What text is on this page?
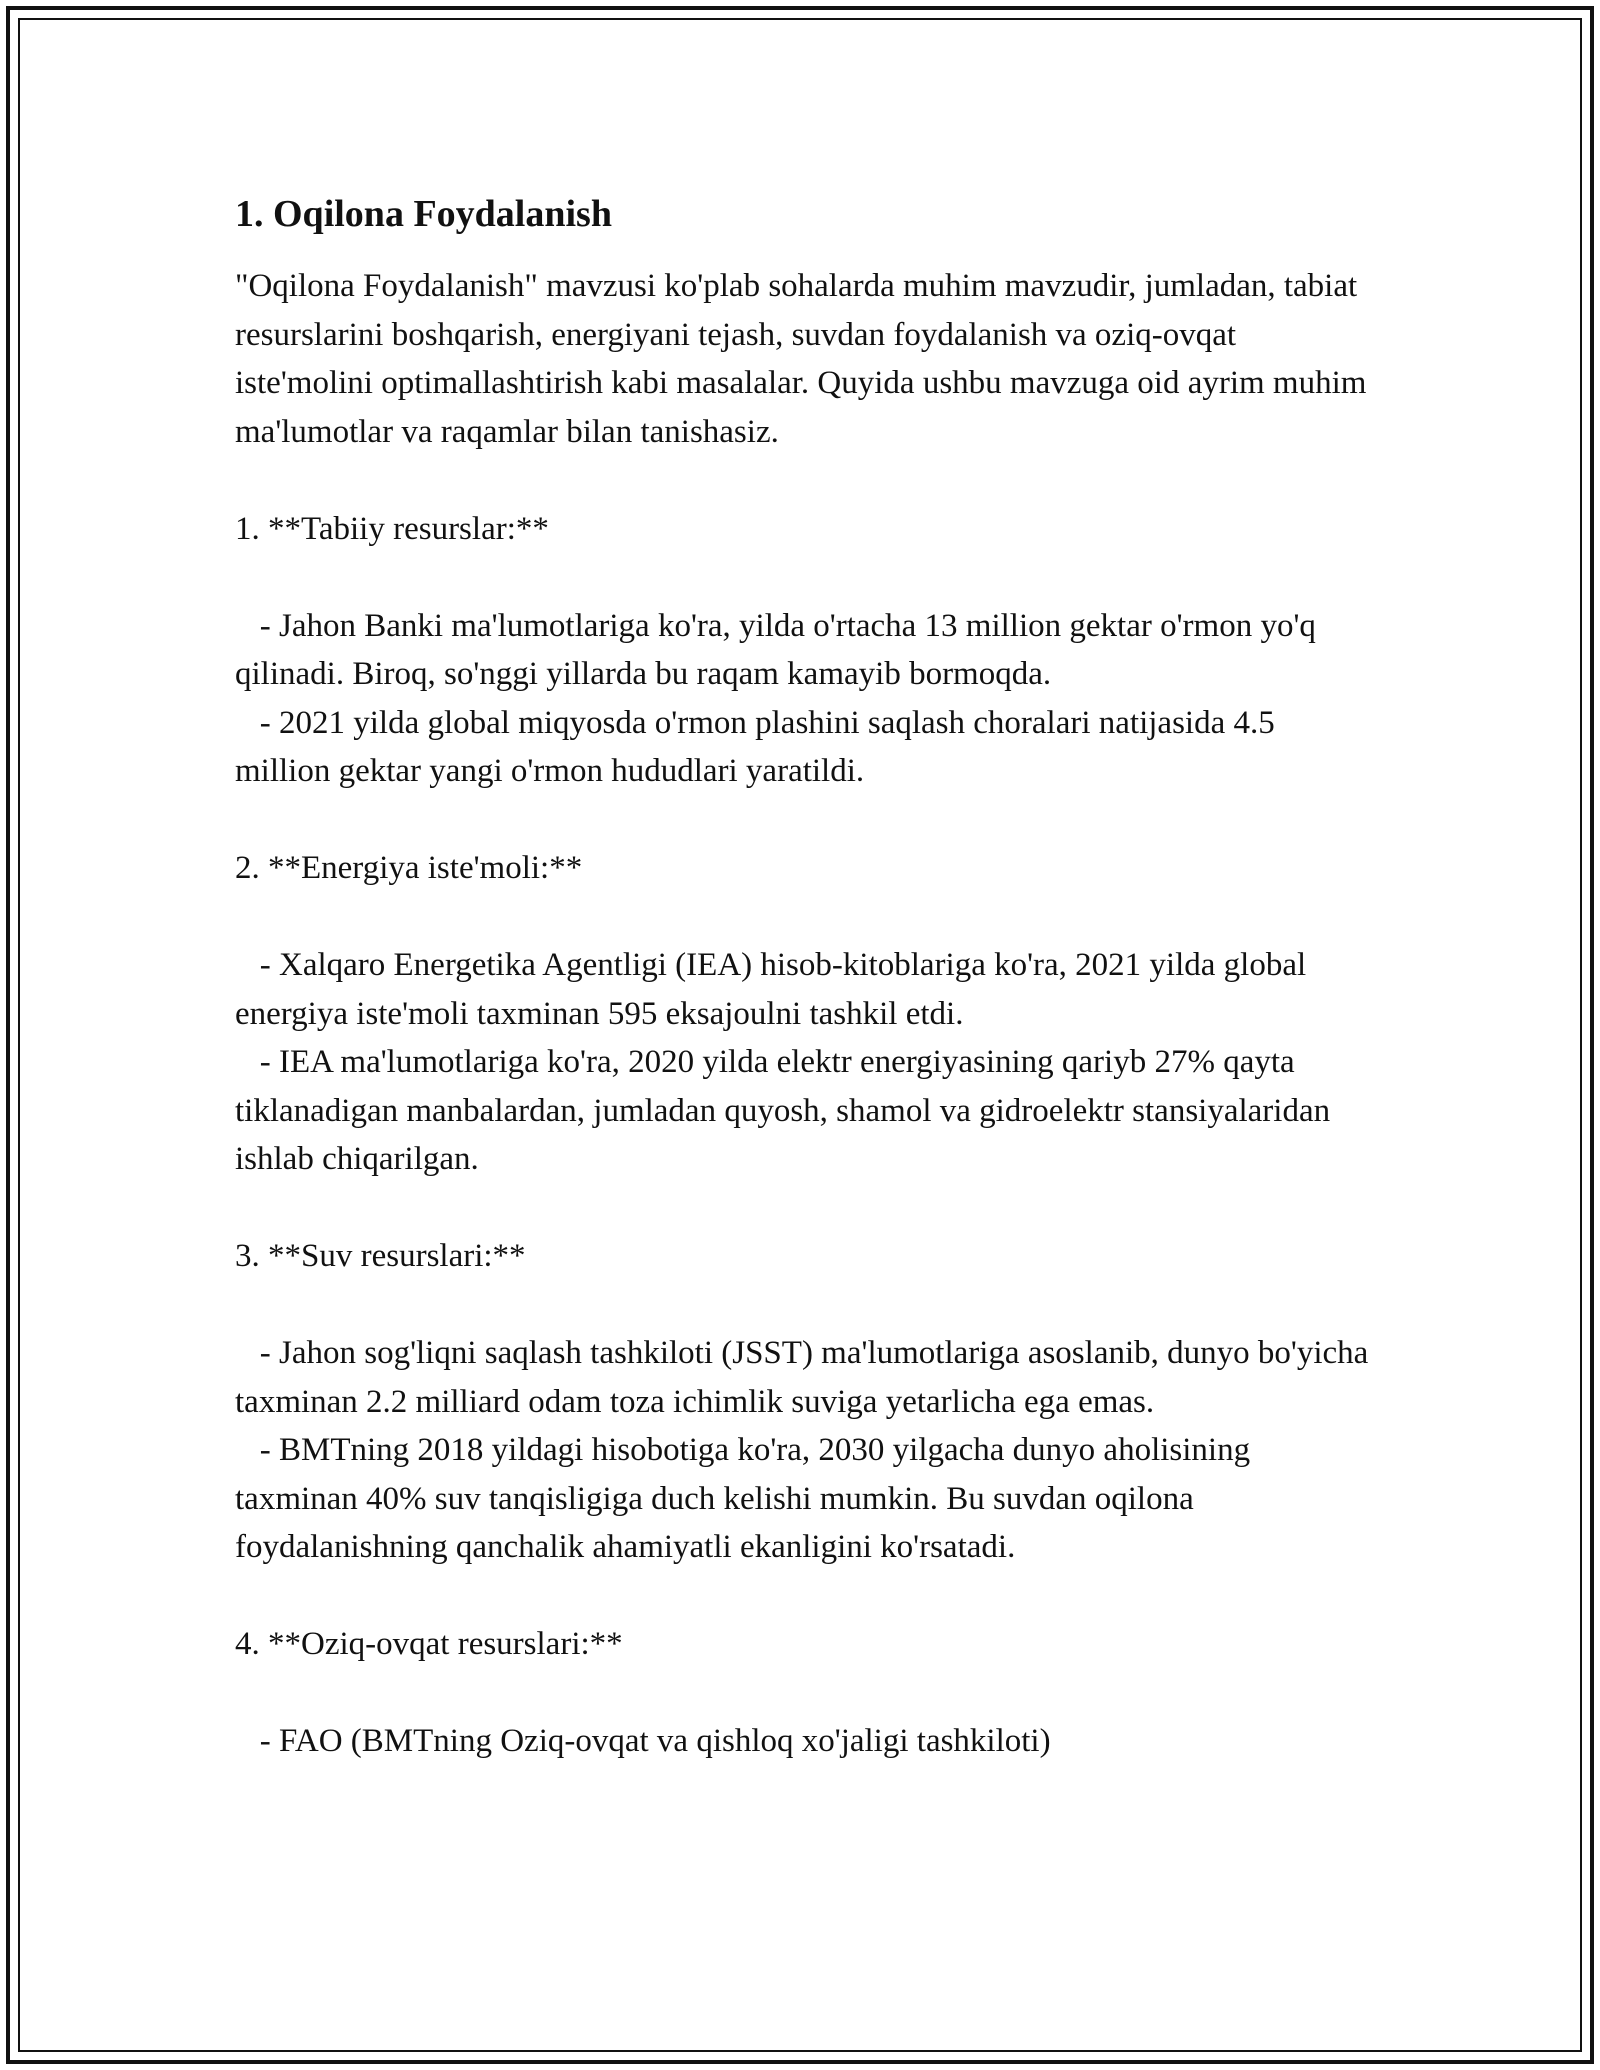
1. Oqilona Foydalanish

"Oqilona Foydalanish" mavzusi ko'plab sohalarda muhim mavzudir, jumladan, tabiat resurslarini boshqarish, energiyani tejash, suvdan foydalanish va oziq-ovqat iste'molini optimallashtirish kabi masalalar. Quyida ushbu mavzuga oid ayrim muhim ma'lumotlar va raqamlar bilan tanishasiz.

1. **Tabiiy resurslar:**

- Jahon Banki ma'lumotlariga ko'ra, yilda o'rtacha 13 million gektar o'rmon yo'q qilinadi. Biroq, so'nggi yillarda bu raqam kamayib bormoqda.

- 2021 yilda global miqyosda o'rmon plashini saqlash choralari natijasida 4.5 million gektar yangi o'rmon hududlari yaratildi.

2. **Energiya iste'moli:**

- Xalqaro Energetika Agentligi (IEA) hisob-kitoblariga ko'ra, 2021 yilda global energiya iste'moli taxminan 595 eksajoulni tashkil etdi.

- IEA ma'lumotlariga ko'ra, 2020 yilda elektr energiyasining qariyb 27% qayta tiklanadigan manbalardan, jumladan quyosh, shamol va gidroelektr stansiyalaridan ishlab chiqarilgan.

3. **Suv resurslari:**

- Jahon sog'liqni saqlash tashkiloti (JSST) ma'lumotlariga asoslanib, dunyo bo'yicha taxminan 2.2 milliard odam toza ichimlik suviga yetarlicha ega emas.

- BMTning 2018 yildagi hisobotiga ko'ra, 2030 yilgacha dunyo aholisining taxminan 40% suv tanqisligiga duch kelishi mumkin. Bu suvdan oqilona foydalanishning qanchalik ahamiyatli ekanligini ko'rsatadi.

4. **Oziq-ovqat resurslari:**

- FAO (BMTning Oziq-ovqat va qishloq xo'jaligi tashkiloti)
